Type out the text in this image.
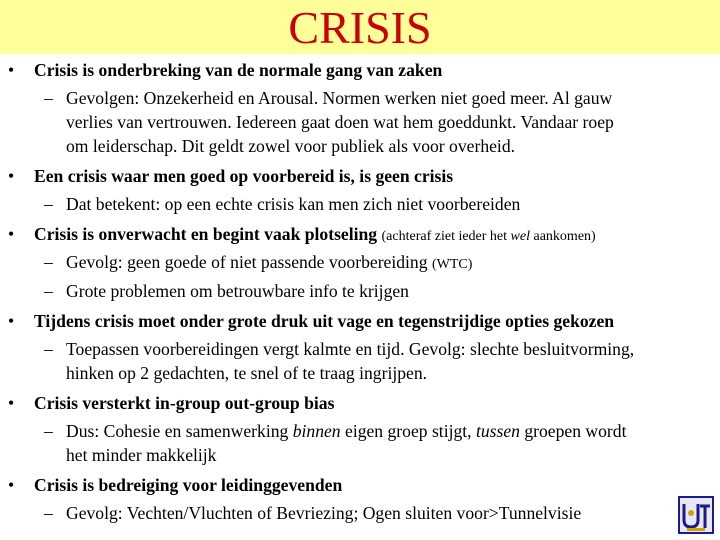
CRISIS
•	Crisis is onderbreking van de normale gang van zaken
– Gevolgen: Onzekerheid en Arousal. Normen werken niet goed meer. Al gauw
verlies van vertrouwen. Iedereen gaat doen wat hem goeddunkt. Vandaar roep
om leiderschap. Dit geldt zowel voor publiek als voor overheid.
•	Een crisis waar men goed op voorbereid is, is geen crisis
– Dat betekent: op een echte crisis kan men zich niet voorbereiden
•	Crisis is onverwacht en begint vaak plotseling (achteraf ziet ieder het wel aankomen)
– Gevolg: geen goede of niet passende voorbereiding (WTC)
– Grote problemen om betrouwbare info te krijgen
•	Tijdens crisis moet onder grote druk uit vage en tegenstrijdige opties gekozen
– Toepassen voorbereidingen vergt kalmte en tijd. Gevolg: slechte besluitvorming,
hinken op 2 gedachten, te snel of te traag ingrijpen.
•	Crisis versterkt in-group out-group bias
– Dus: Cohesie en samenwerking binnen eigen groep stijgt, tussen groepen wordt
het minder makkelijk
•	Crisis is bedreiging voor leidinggevenden
– Gevolg: Vechten/Vluchten of Bevriezing; Ogen sluiten voor>Tunnelvisie
